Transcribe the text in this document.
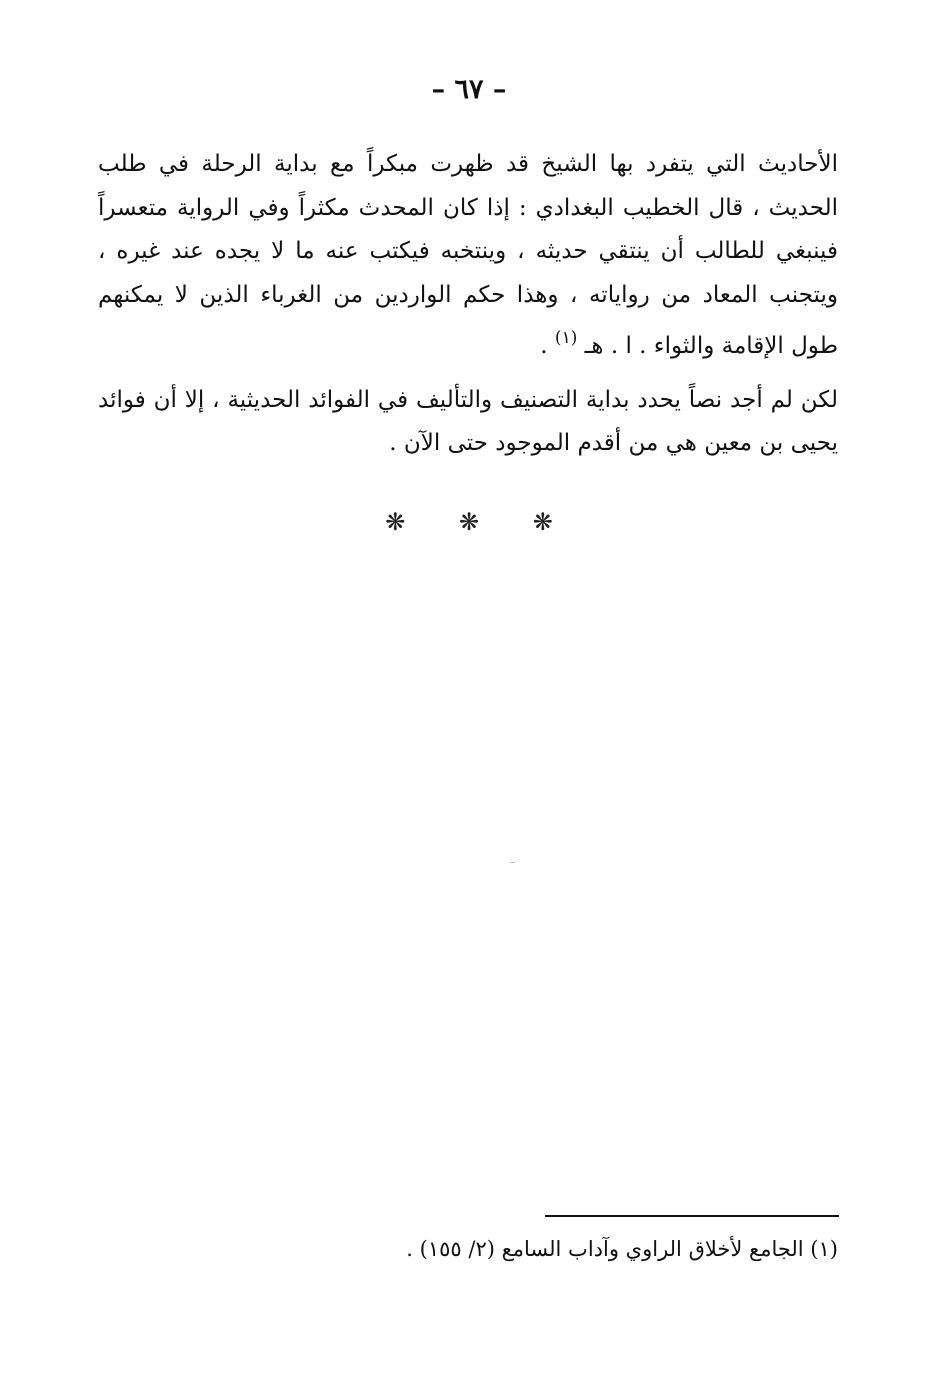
– ٦٧ –

الأحاديث التي يتفرد بها الشيخ قد ظهرت مبكراً مع بداية الرحلة في طلب الحديث ، قال الخطيب البغدادي : إذا كان المحدث مكثراً وفي الرواية متعسراً فينبغي للطالب أن ينتقي حديثه ، وينتخبه فيكتب عنه ما لا يجده عند غيره ، ويتجنب المعاد من رواياته ، وهذا حكم الواردين من الغرباء الذين لا يمكنهم طول الإقامة والثواء . ا . هـ $^{(١)}$ .

لكن لم أجد نصاً يحدد بداية التصنيف والتأليف في الفوائد الحديثية ، إلا أن فوائد يحيى بن معين هي من أقدم الموجود حتى الآن .

❋ ❋ ❋
(١) الجامع لأخلاق الراوي وآداب السامع (٢/ ١٥٥) .
